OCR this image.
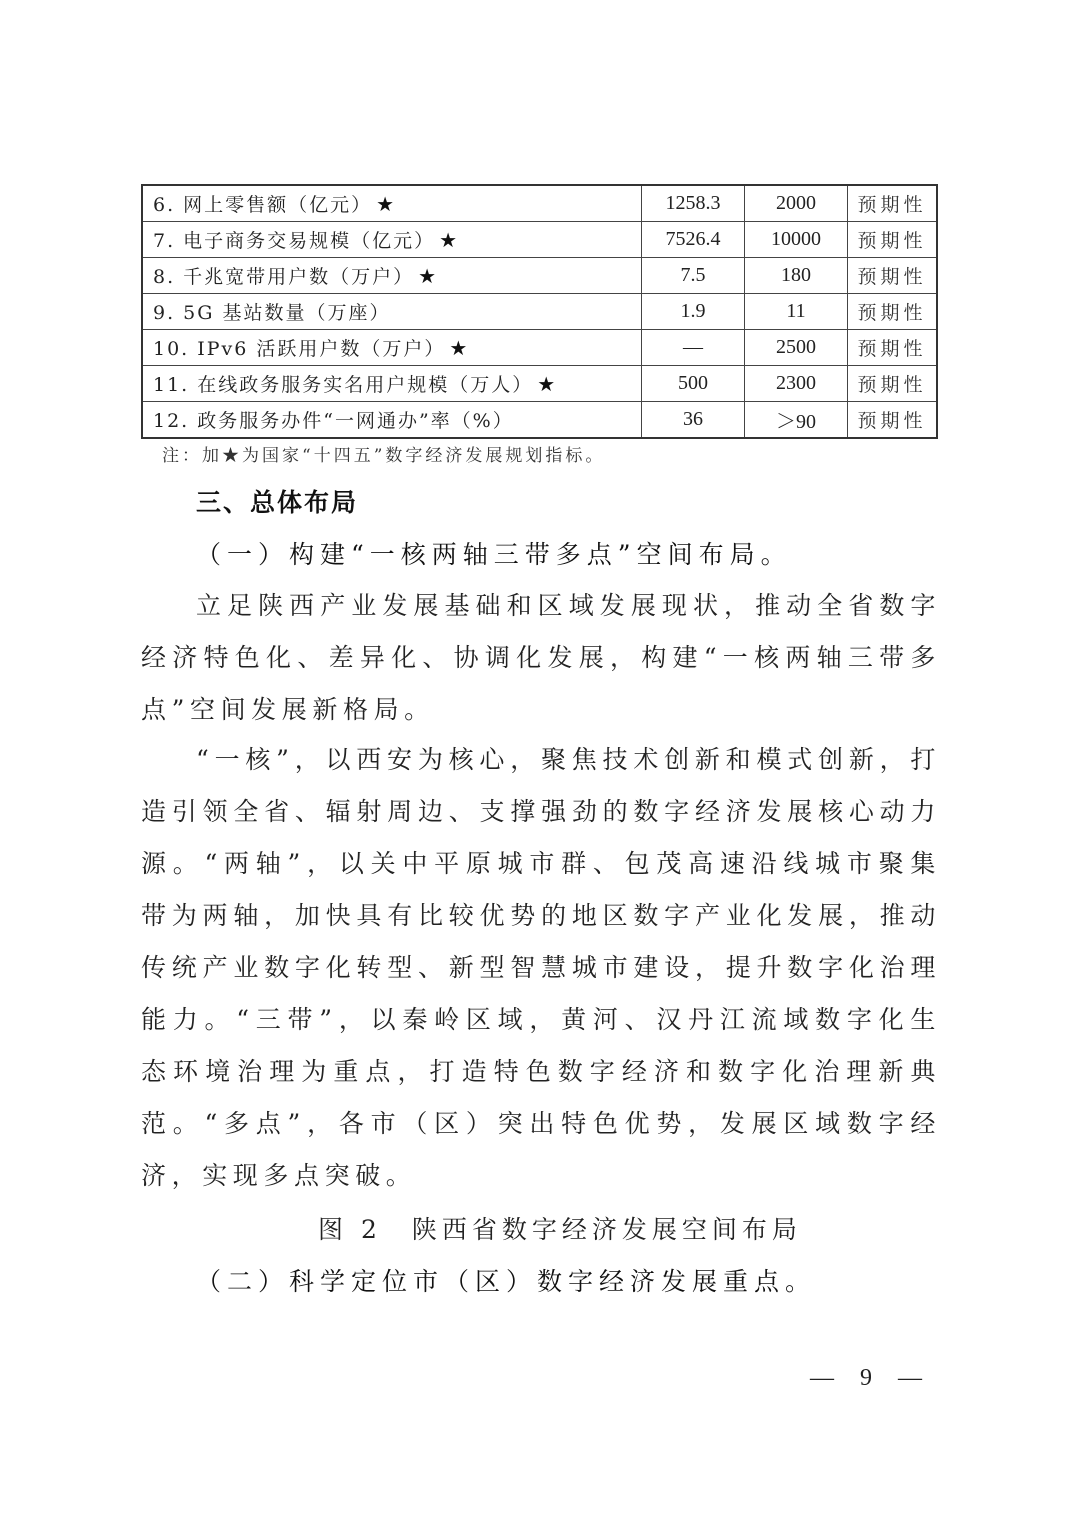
6. 网上零售额（亿元） ★	1258.3	2000	预期性
7. 电子商务交易规模（亿元） ★	7526.4	10000	预期性
8. 千兆宽带用户数（万户） ★	7.5	180	预期性
9. 5G 基站数量（万座）	1.9	11	预期性
10. IPv6 活跃用户数（万户） ★	—	2500	预期性
11. 在线政务服务实名用户规模（万人） ★	500	2300	预期性
12. 政务服务办件“一网通办”率（%）	36	＞90	预期性
注：加★为国家“十四五”数字经济发展规划指标。
三、总体布局
（一）构建“一核两轴三带多点”空间布局。

立足陕西产业发展基础和区域发展现状，推动全省数字经济特色化、差异化、协调化发展，构建“一核两轴三带多点”空间发展新格局。

“一核”，以西安为核心，聚焦技术创新和模式创新，打造引领全省、辐射周边、支撑强劲的数字经济发展核心动力源。“两轴”，以关中平原城市群、包茂高速沿线城市聚集带为两轴，加快具有比较优势的地区数字产业化发展，推动传统产业数字化转型、新型智慧城市建设，提升数字化治理能力。“三带”，以秦岭区域，黄河、汉丹江流域数字化生态环境治理为重点，打造特色数字经济和数字化治理新典范。“多点”，各市（区）突出特色优势，发展区域数字经济，实现多点突破。

图 2　陕西省数字经济发展空间布局
（二）科学定位市（区）数字经济发展重点。
— 9 —
